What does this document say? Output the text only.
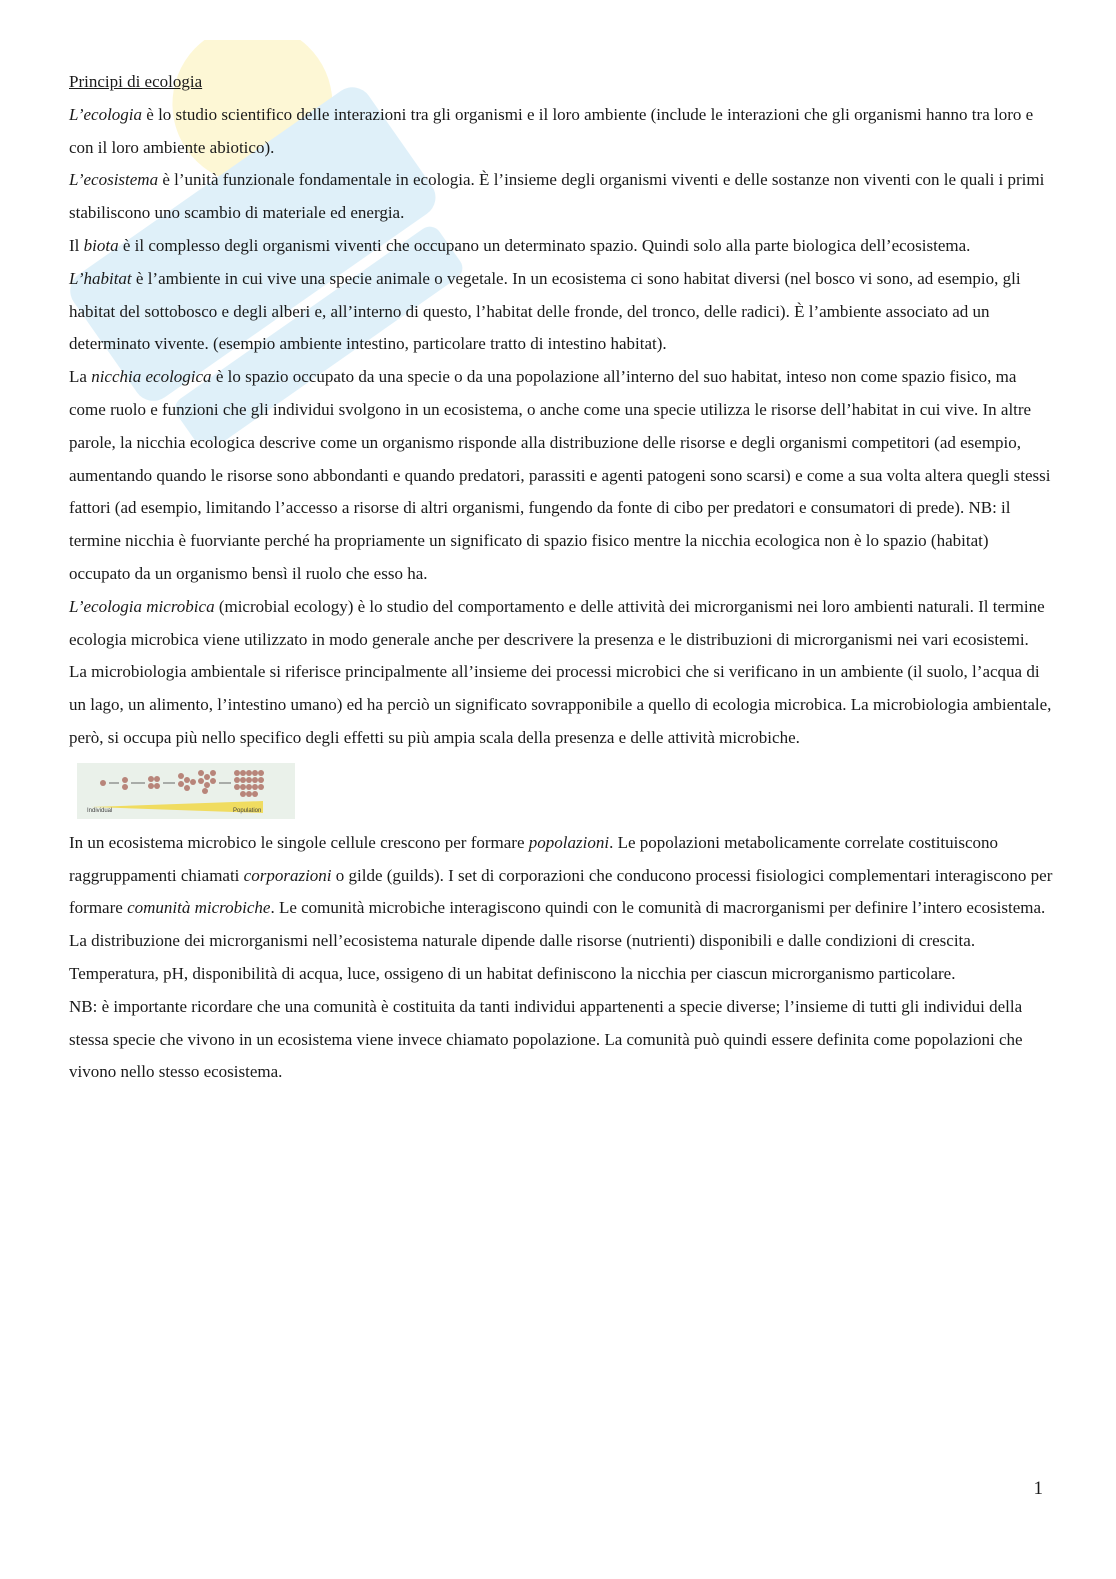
Principi di ecologia

L’ecologia è lo studio scientifico delle interazioni tra gli organismi e il loro ambiente (include le interazioni che gli organismi hanno tra loro e con il loro ambiente abiotico).

L’ecosistema è l’unità funzionale fondamentale in ecologia. È l’insieme degli organismi viventi e delle sostanze non viventi con le quali i primi stabiliscono uno scambio di materiale ed energia.

Il biota è il complesso degli organismi viventi che occupano un determinato spazio. Quindi solo alla parte biologica dell’ecosistema.

L’habitat è l’ambiente in cui vive una specie animale o vegetale. In un ecosistema ci sono habitat diversi (nel bosco vi sono, ad esempio, gli habitat del sottobosco e degli alberi e, all’interno di questo, l’habitat delle fronde, del tronco, delle radici). È l’ambiente associato ad un determinato vivente. (esempio ambiente intestino, particolare tratto di intestino habitat).

La nicchia ecologica è lo spazio occupato da una specie o da una popolazione all’interno del suo habitat, inteso non come spazio fisico, ma come ruolo e funzioni che gli individui svolgono in un ecosistema, o anche come una specie utilizza le risorse dell’habitat in cui vive. In altre parole, la nicchia ecologica descrive come un organismo risponde alla distribuzione delle risorse e degli organismi competitori (ad esempio, aumentando quando le risorse sono abbondanti e quando predatori, parassiti e agenti patogeni sono scarsi) e come a sua volta altera quegli stessi fattori (ad esempio, limitando l’accesso a risorse di altri organismi, fungendo da fonte di cibo per predatori e consumatori di prede). NB: il termine nicchia è fuorviante perché ha propriamente un significato di spazio fisico mentre la nicchia ecologica non è lo spazio (habitat) occupato da un organismo bensì il ruolo che esso ha.

L’ecologia microbica (microbial ecology) è lo studio del comportamento e delle attività dei microrganismi nei loro ambienti naturali. Il termine ecologia microbica viene utilizzato in modo generale anche per descrivere la presenza e le distribuzioni di microrganismi nei vari ecosistemi.

La microbiologia ambientale si riferisce principalmente all’insieme dei processi microbici che si verificano in un ambiente (il suolo, l’acqua di un lago, un alimento, l’intestino umano) ed ha perciò un significato sovrapponibile a quello di ecologia microbica. La microbiologia ambientale, però, si occupa più nello specifico degli effetti su più ampia scala della presenza e delle attività microbiche.

Individual	Population

In un ecosistema microbico le singole cellule crescono per formare popolazioni. Le popolazioni metabolicamente correlate costituiscono raggruppamenti chiamati corporazioni o gilde (guilds). I set di corporazioni che conducono processi fisiologici complementari interagiscono per formare comunità microbiche. Le comunità microbiche interagiscono quindi con le comunità di macrorganismi per definire l’intero ecosistema. La distribuzione dei microrganismi nell’ecosistema naturale dipende dalle risorse (nutrienti) disponibili e dalle condizioni di crescita. Temperatura, pH, disponibilità di acqua, luce, ossigeno di un habitat definiscono la nicchia per ciascun microrganismo particolare.

NB: è importante ricordare che una comunità è costituita da tanti individui appartenenti a specie diverse; l’insieme di tutti gli individui della stessa specie che vivono in un ecosistema viene invece chiamato popolazione. La comunità può quindi essere definita come popolazioni che vivono nello stesso ecosistema.

1
